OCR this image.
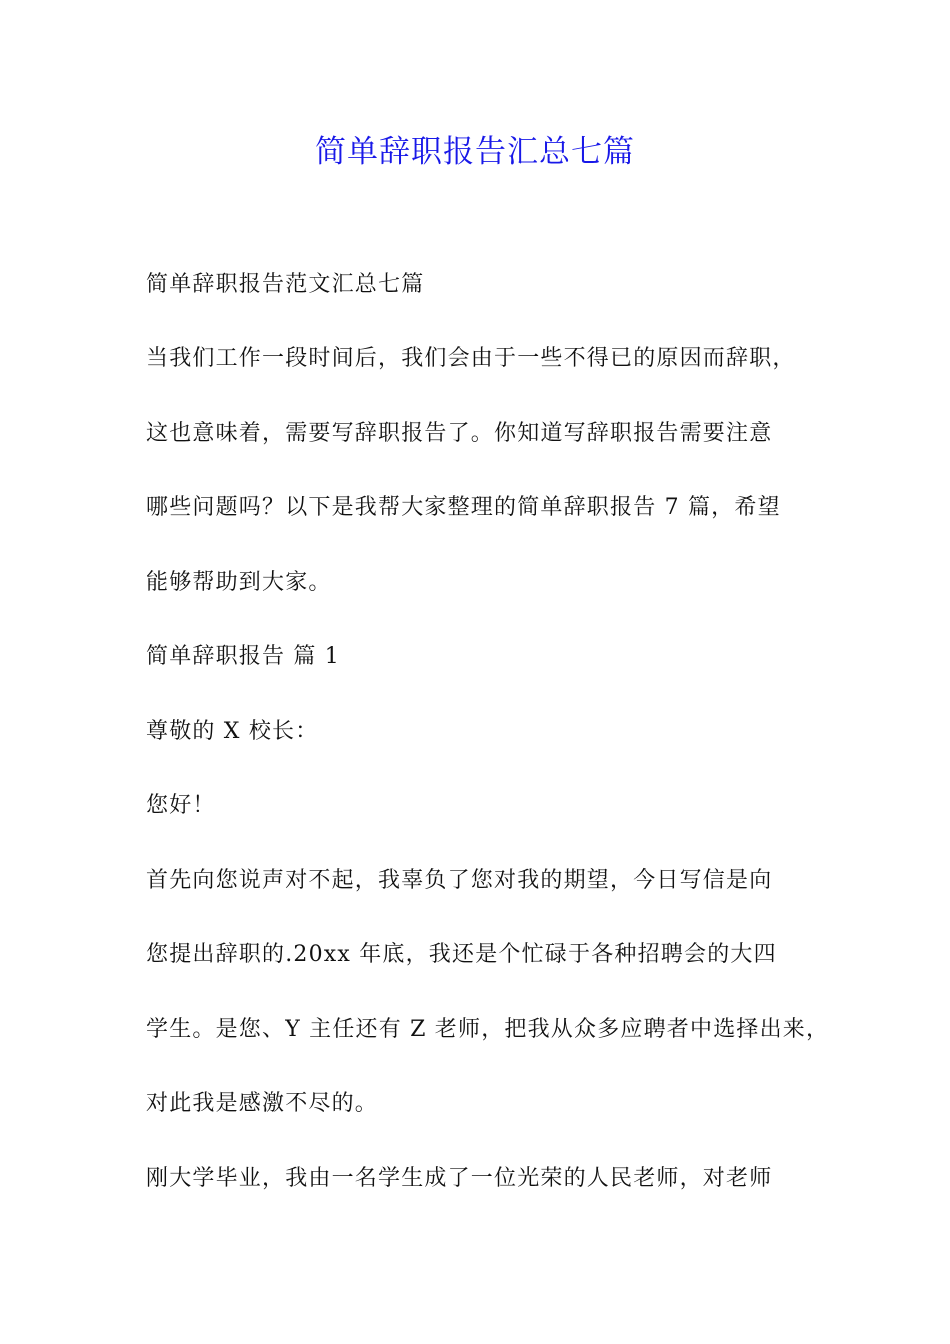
简单辞职报告汇总七篇
简单辞职报告范文汇总七篇
当我们工作一段时间后，我们会由于一些不得已的原因而辞职，
这也意味着，需要写辞职报告了。你知道写辞职报告需要注意
哪些问题吗？以下是我帮大家整理的简单辞职报告 7 篇，希望
能够帮助到大家。
简单辞职报告 篇 1
尊敬的 X 校长：
您好！
首先向您说声对不起，我辜负了您对我的期望，今日写信是向
您提出辞职的.20xx 年底，我还是个忙碌于各种招聘会的大四
学生。是您、Y 主任还有 Z 老师，把我从众多应聘者中选择出来，
对此我是感激不尽的。
刚大学毕业，我由一名学生成了一位光荣的人民老师，对老师
